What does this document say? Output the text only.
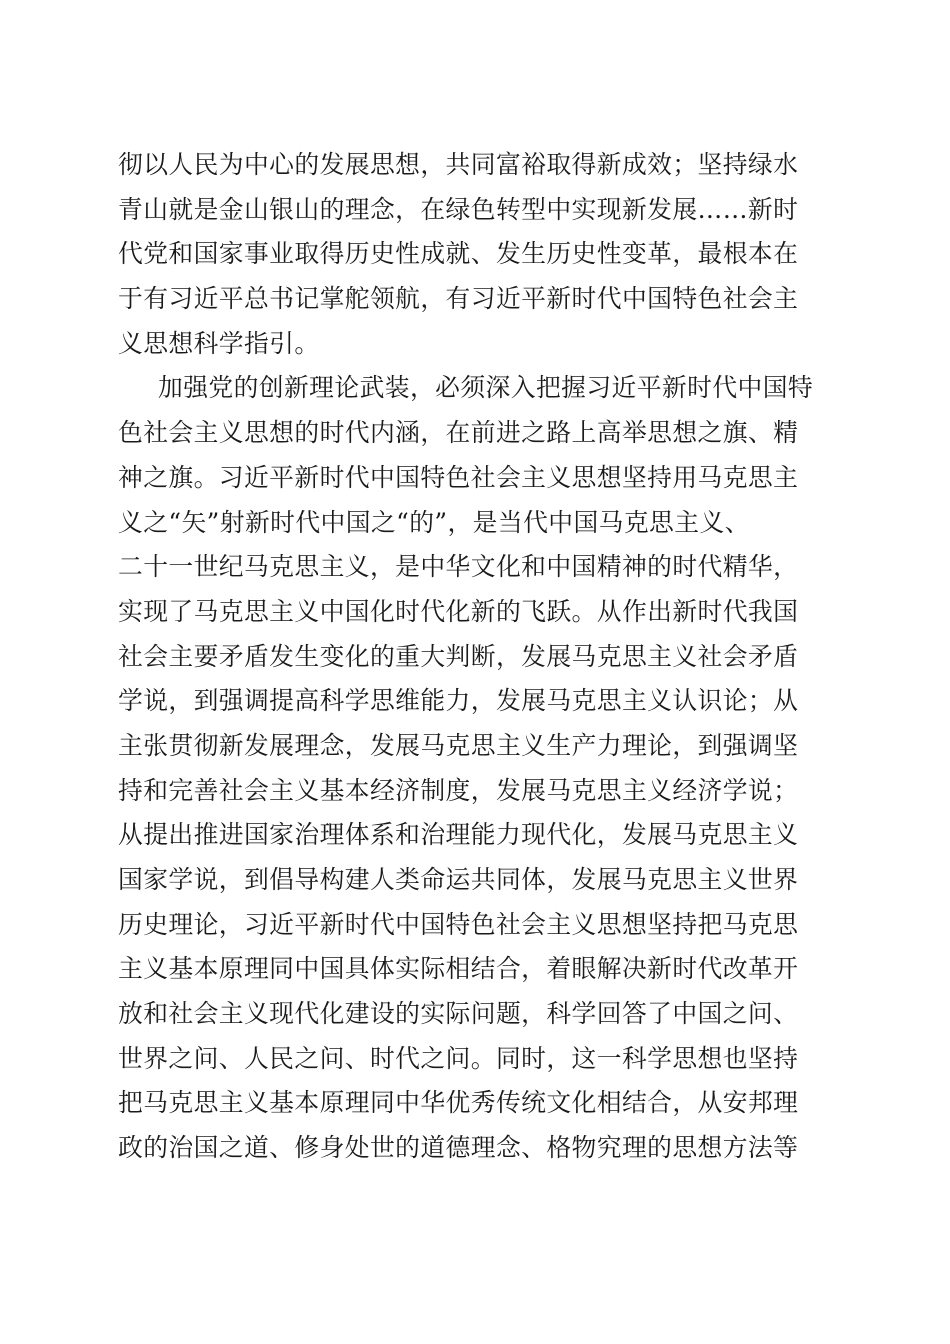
彻以人民为中心的发展思想，共同富裕取得新成效；坚持绿水
青山就是金山银山的理念，在绿色转型中实现新发展……新时
代党和国家事业取得历史性成就、发生历史性变革，最根本在
于有习近平总书记掌舵领航，有习近平新时代中国特色社会主
义思想科学指引。
加强党的创新理论武装，必须深入把握习近平新时代中国特
色社会主义思想的时代内涵，在前进之路上高举思想之旗、精
神之旗。习近平新时代中国特色社会主义思想坚持用马克思主
义之“矢”射新时代中国之“的”，是当代中国马克思主义、
二十一世纪马克思主义，是中华文化和中国精神的时代精华，
实现了马克思主义中国化时代化新的飞跃。从作出新时代我国
社会主要矛盾发生变化的重大判断，发展马克思主义社会矛盾
学说，到强调提高科学思维能力，发展马克思主义认识论；从
主张贯彻新发展理念，发展马克思主义生产力理论，到强调坚
持和完善社会主义基本经济制度，发展马克思主义经济学说；
从提出推进国家治理体系和治理能力现代化，发展马克思主义
国家学说，到倡导构建人类命运共同体，发展马克思主义世界
历史理论，习近平新时代中国特色社会主义思想坚持把马克思
主义基本原理同中国具体实际相结合，着眼解决新时代改革开
放和社会主义现代化建设的实际问题，科学回答了中国之问、
世界之问、人民之问、时代之问。同时，这一科学思想也坚持
把马克思主义基本原理同中华优秀传统文化相结合，从安邦理
政的治国之道、修身处世的道德理念、格物究理的思想方法等
